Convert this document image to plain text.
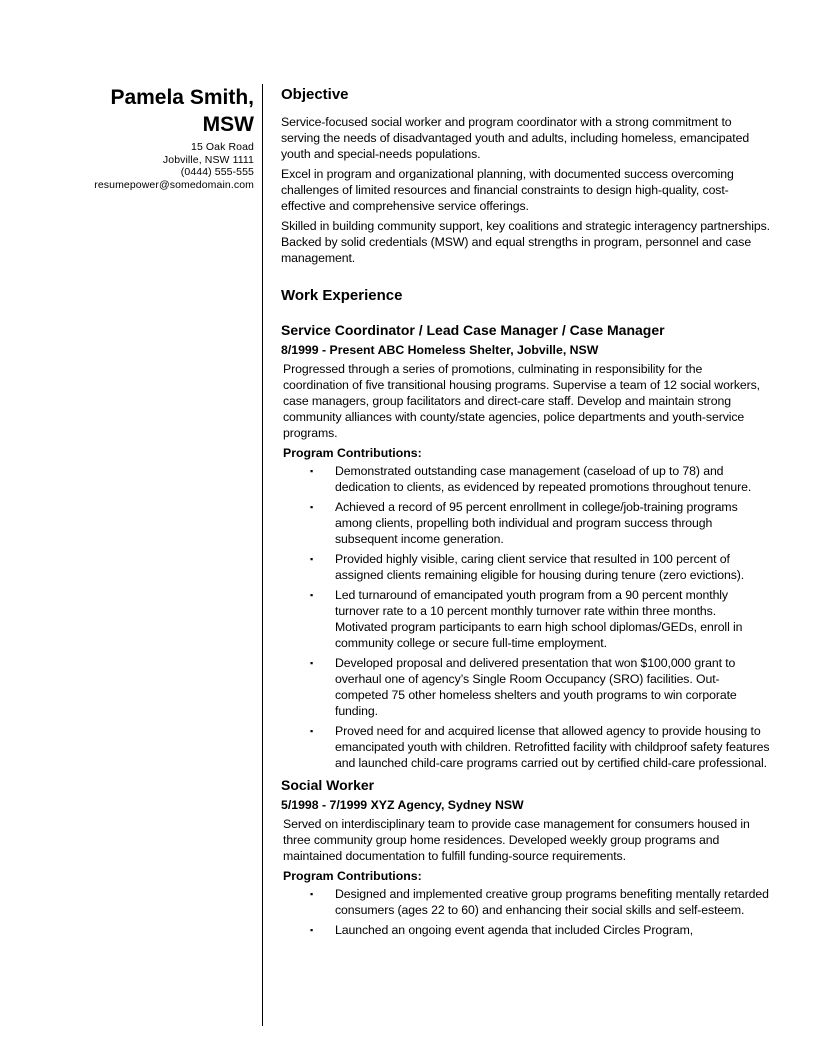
Pamela Smith,
MSW
15 Oak Road
Jobville, NSW 1111
(0444) 555-555
resumepower@somedomain.com
Objective

Service-focused social worker and program coordinator with a strong commitment to serving the needs of disadvantaged youth and adults, including homeless, emancipated youth and special-needs populations.

Excel in program and organizational planning, with documented success overcoming challenges of limited resources and financial constraints to design high-quality, cost-effective and comprehensive service offerings.

Skilled in building community support, key coalitions and strategic interagency partnerships. Backed by solid credentials (MSW) and equal strengths in program, personnel and case management.

Work Experience
Service Coordinator / Lead Case Manager / Case Manager
8/1999 - Present ABC Homeless Shelter, Jobville, NSW

Progressed through a series of promotions, culminating in responsibility for the coordination of five transitional housing programs. Supervise a team of 12 social workers, case managers, group facilitators and direct-care staff. Develop and maintain strong community alliances with county/state agencies, police departments and youth-service programs.

Program Contributions:
▪ Demonstrated outstanding case management (caseload of up to 78) and dedication to clients, as evidenced by repeated promotions throughout tenure.
▪ Achieved a record of 95 percent enrollment in college/job-training programs among clients, propelling both individual and program success through subsequent income generation.
▪ Provided highly visible, caring client service that resulted in 100 percent of assigned clients remaining eligible for housing during tenure (zero evictions).
▪ Led turnaround of emancipated youth program from a 90 percent monthly turnover rate to a 10 percent monthly turnover rate within three months. Motivated program participants to earn high school diplomas/GEDs, enroll in community college or secure full-time employment.
▪ Developed proposal and delivered presentation that won $100,000 grant to overhaul one of agency’s Single Room Occupancy (SRO) facilities. Out-competed 75 other homeless shelters and youth programs to win corporate funding.
▪ Proved need for and acquired license that allowed agency to provide housing to emancipated youth with children. Retrofitted facility with childproof safety features and launched child-care programs carried out by certified child-care professional.
Social Worker
5/1998 - 7/1999 XYZ Agency, Sydney NSW

Served on interdisciplinary team to provide case management for consumers housed in three community group home residences. Developed weekly group programs and maintained documentation to fulfill funding-source requirements.

Program Contributions:
▪ Designed and implemented creative group programs benefiting mentally retarded consumers (ages 22 to 60) and enhancing their social skills and self-esteem.
▪ Launched an ongoing event agenda that included Circles Program,
